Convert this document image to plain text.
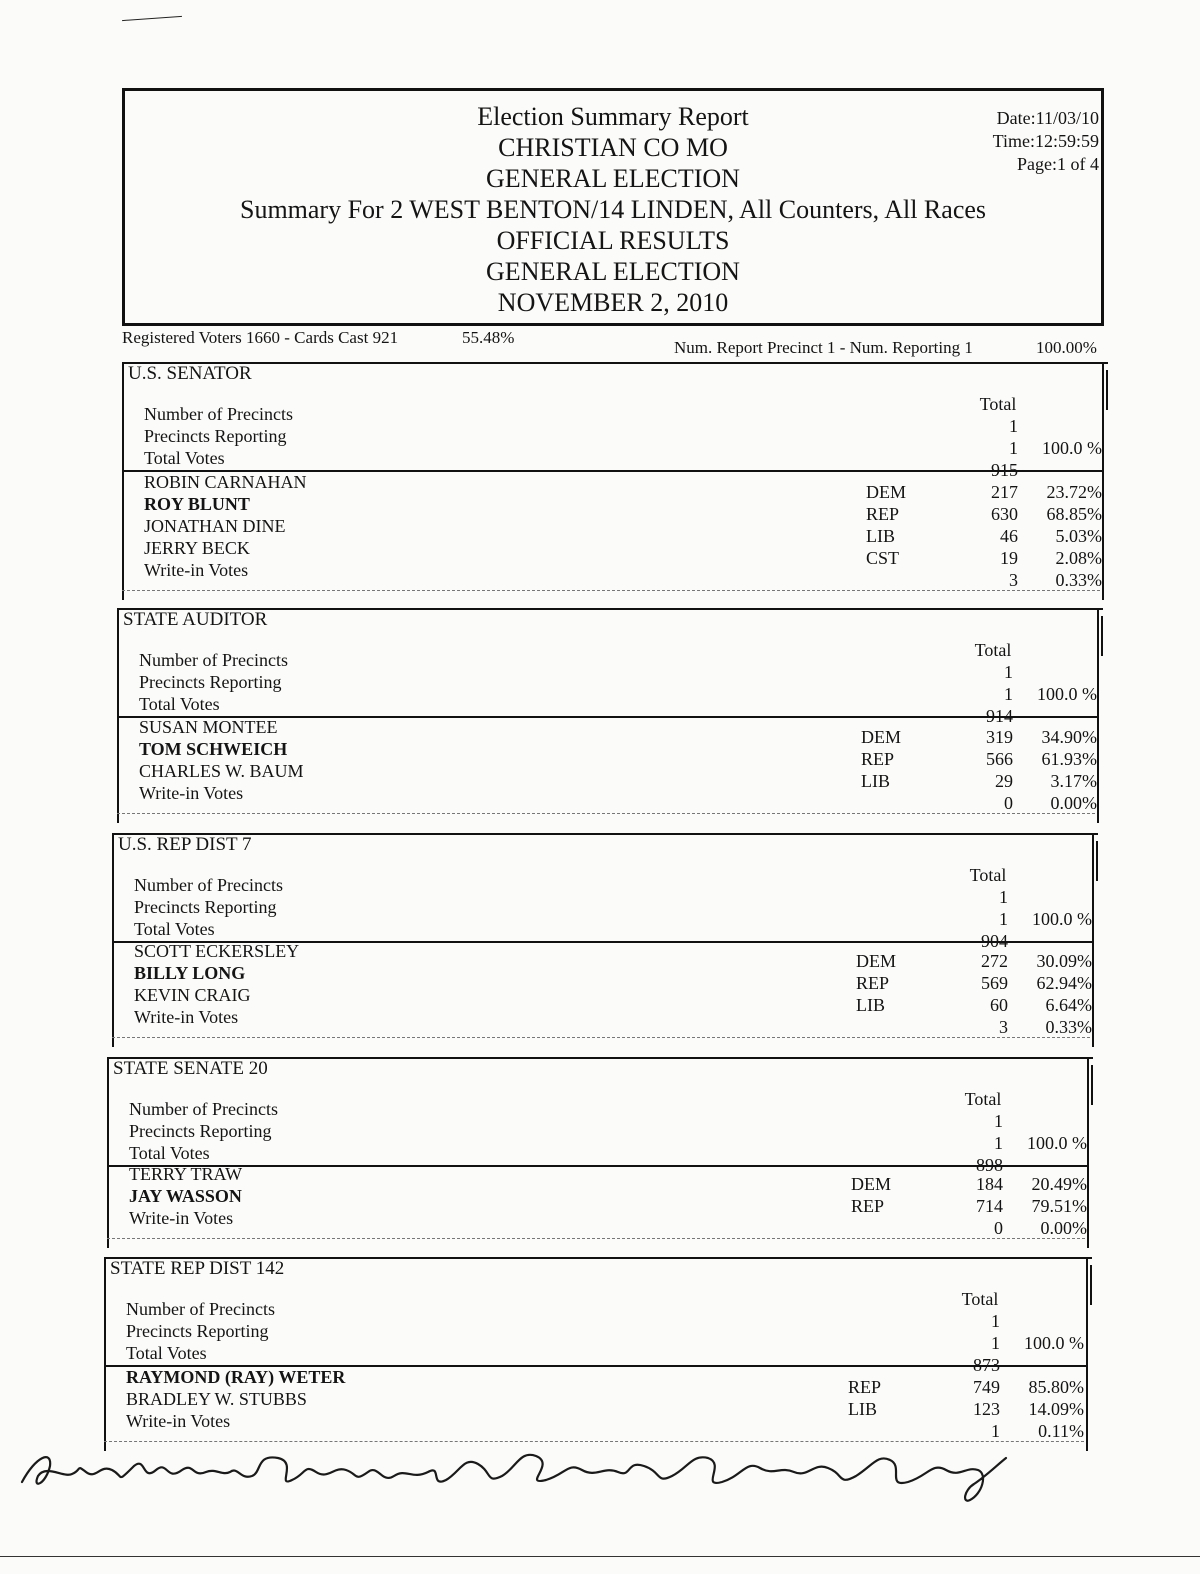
Election Summary Report
CHRISTIAN CO MO
GENERAL ELECTION
Summary For 2 WEST BENTON/14 LINDEN, All Counters, All Races
OFFICIAL RESULTS
GENERAL ELECTION
NOVEMBER 2, 2010
Date:11/03/10
Time:12:59:59
Page:1 of 4
Registered Voters 1660 - Cards Cast 921	55.48%
Num. Report Precinct 1 - Num. Reporting 1	100.00%
U.S. SENATOR
Total
Number of Precincts
1
Precincts Reporting
1	100.0 %
Total Votes
915
ROBIN CARNAHAN	DEM	217	23.72%
ROY BLUNT	REP	630	68.85%
JONATHAN DINE	LIB	46	5.03%
JERRY BECK	CST	19	2.08%
Write-in Votes	3	0.33%
STATE AUDITOR
Total
Number of Precincts
1
Precincts Reporting
1	100.0 %
Total Votes
914
SUSAN MONTEE	DEM	319	34.90%
TOM SCHWEICH	REP	566	61.93%
CHARLES W. BAUM	LIB	29	3.17%
Write-in Votes	0	0.00%
U.S. REP DIST 7
Total
Number of Precincts
1
Precincts Reporting
1	100.0 %
Total Votes
904
SCOTT ECKERSLEY	DEM	272	30.09%
BILLY LONG	REP	569	62.94%
KEVIN CRAIG	LIB	60	6.64%
Write-in Votes	3	0.33%
STATE SENATE 20
Total
Number of Precincts
1
Precincts Reporting
1	100.0 %
Total Votes
898
TERRY TRAW	DEM	184	20.49%
JAY WASSON	REP	714	79.51%
Write-in Votes	0	0.00%
STATE REP DIST 142
Total
Number of Precincts
1
Precincts Reporting
1	100.0 %
Total Votes
873
RAYMOND (RAY) WETER	REP	749	85.80%
BRADLEY W. STUBBS	LIB	123	14.09%
Write-in Votes	1	0.11%
